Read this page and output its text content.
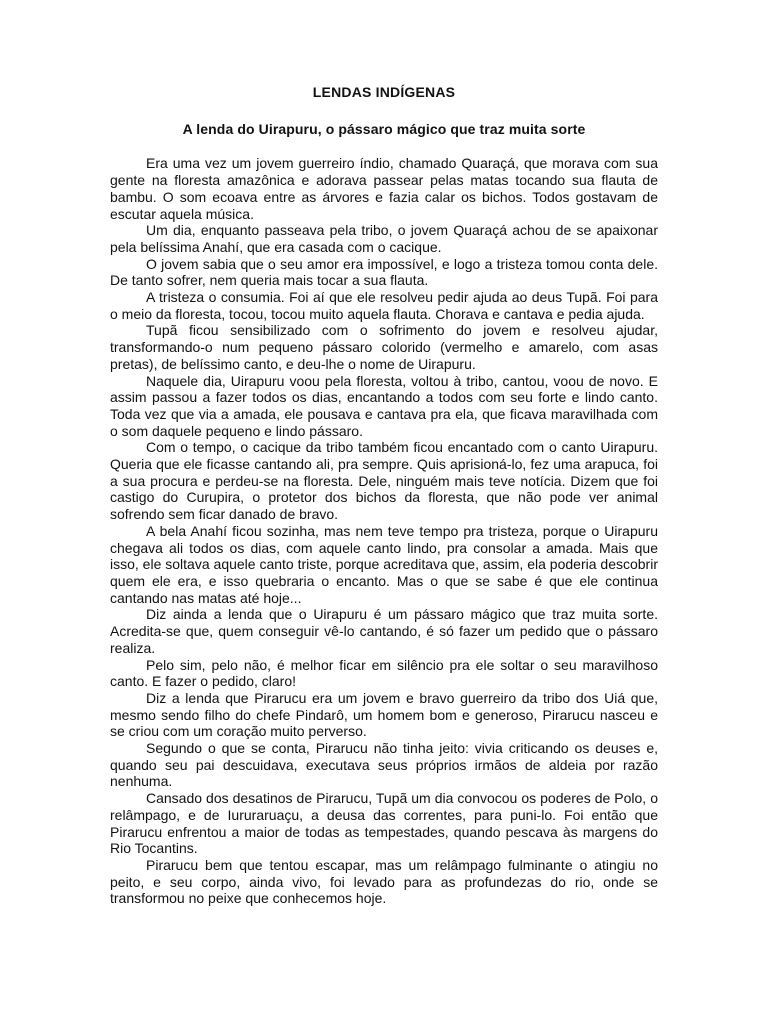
LENDAS INDÍGENAS
A lenda do Uirapuru, o pássaro mágico que traz muita sorte

Era uma vez um jovem guerreiro índio, chamado Quaraçá, que morava com sua gente na floresta amazônica e adorava passear pelas matas tocando sua flauta de bambu. O som ecoava entre as árvores e fazia calar os bichos. Todos gostavam de escutar aquela música.

Um dia, enquanto passeava pela tribo, o jovem Quaraçá achou de se apaixonar pela belíssima Anahí, que era casada com o cacique.

O jovem sabia que o seu amor era impossível, e logo a tristeza tomou conta dele. De tanto sofrer, nem queria mais tocar a sua flauta.

A tristeza o consumia. Foi aí que ele resolveu pedir ajuda ao deus Tupã. Foi para o meio da floresta, tocou, tocou muito aquela flauta. Chorava e cantava e pedia ajuda.

Tupã ficou sensibilizado com o sofrimento do jovem e resolveu ajudar, transformando-o num pequeno pássaro colorido (vermelho e amarelo, com asas pretas), de belíssimo canto, e deu-lhe o nome de Uirapuru.

Naquele dia, Uirapuru voou pela floresta, voltou à tribo, cantou, voou de novo. E assim passou a fazer todos os dias, encantando a todos com seu forte e lindo canto. Toda vez que via a amada, ele pousava e cantava pra ela, que ficava maravilhada com o som daquele pequeno e lindo pássaro.

Com o tempo, o cacique da tribo também ficou encantado com o canto Uirapuru. Queria que ele ficasse cantando ali, pra sempre. Quis aprisioná-lo, fez uma arapuca, foi a sua procura e perdeu-se na floresta. Dele, ninguém mais teve notícia. Dizem que foi castigo do Curupira, o protetor dos bichos da floresta, que não pode ver animal sofrendo sem ficar danado de bravo.

A bela Anahí ficou sozinha, mas nem teve tempo pra tristeza, porque o Uirapuru chegava ali todos os dias, com aquele canto lindo, pra consolar a amada. Mais que isso, ele soltava aquele canto triste, porque acreditava que, assim, ela poderia descobrir quem ele era, e isso quebraria o encanto. Mas o que se sabe é que ele continua cantando nas matas até hoje...

Diz ainda a lenda que o Uirapuru é um pássaro mágico que traz muita sorte. Acredita-se que, quem conseguir vê-lo cantando, é só fazer um pedido que o pássaro realiza.

Pelo sim, pelo não, é melhor ficar em silêncio pra ele soltar o seu maravilhoso canto. E fazer o pedido, claro!

Diz a lenda que Pirarucu era um jovem e bravo guerreiro da tribo dos Uiá que, mesmo sendo filho do chefe Pindarô, um homem bom e generoso, Pirarucu nasceu e se criou com um coração muito perverso.

Segundo o que se conta, Pirarucu não tinha jeito: vivia criticando os deuses e, quando seu pai descuidava, executava seus próprios irmãos de aldeia por razão nenhuma.

Cansado dos desatinos de Pirarucu, Tupã um dia convocou os poderes de Polo, o relâmpago, e de Iururaruaçu, a deusa das correntes, para puni-lo. Foi então que Pirarucu enfrentou a maior de todas as tempestades, quando pescava às margens do Rio Tocantins.

Pirarucu bem que tentou escapar, mas um relâmpago fulminante o atingiu no peito, e seu corpo, ainda vivo, foi levado para as profundezas do rio, onde se transformou no peixe que conhecemos hoje.
